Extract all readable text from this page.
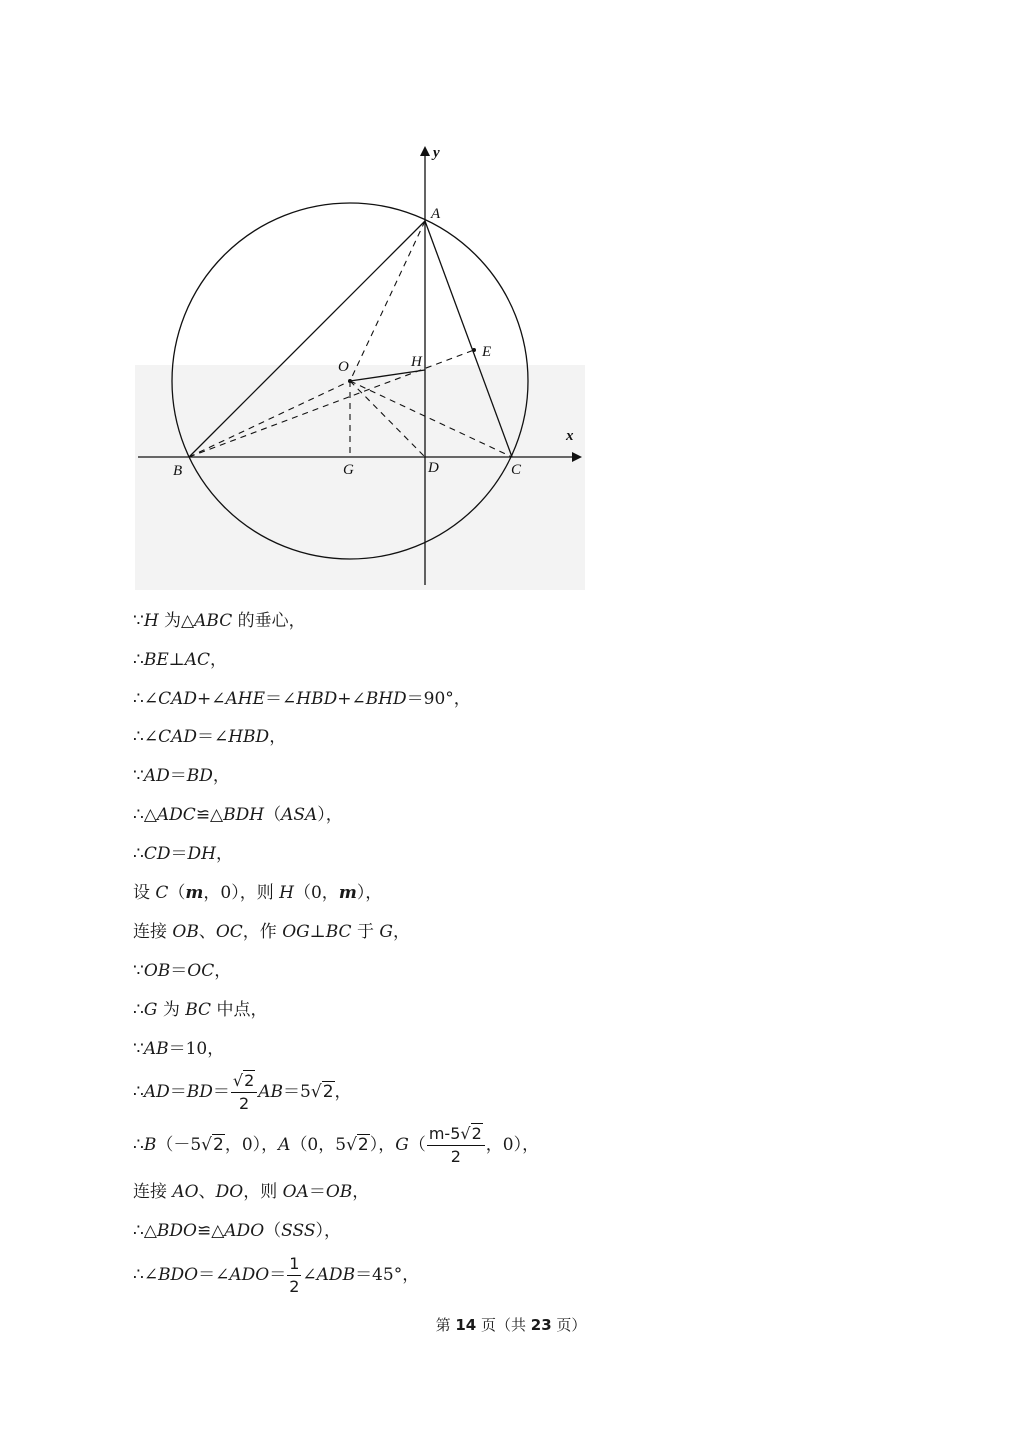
y
x
A
B	C
D
E
G
H
O
∵H 为△ABC 的垂心，
∴BE⊥AC，
∴∠CAD+∠AHE＝∠HBD+∠BHD＝90°，
∴∠CAD＝∠HBD，
∵AD＝BD，
∴△ADC≌△BDH（ASA），
∴CD＝DH，
设 C（m，0），则 H（0，m），
连接 OB、OC，作 OG⊥BC 于 G，
∵OB＝OC，
∴G 为 BC 中点，
∵AB＝10，
∴AD＝BD＝ $\frac{√2}{2} AB=5√2$，
∴B（－5√2，0），A（0，5√2），$G( \frac{m-5√2}{2}$ ，0），
连接 AO、DO，则 OA＝OB，
∴△BDO≌△ADO（SSS），
∴∠BDO＝∠ADO＝ $\frac{1}{2}$ ∠ADB＝45°，
第 14 页（共 23 页）
